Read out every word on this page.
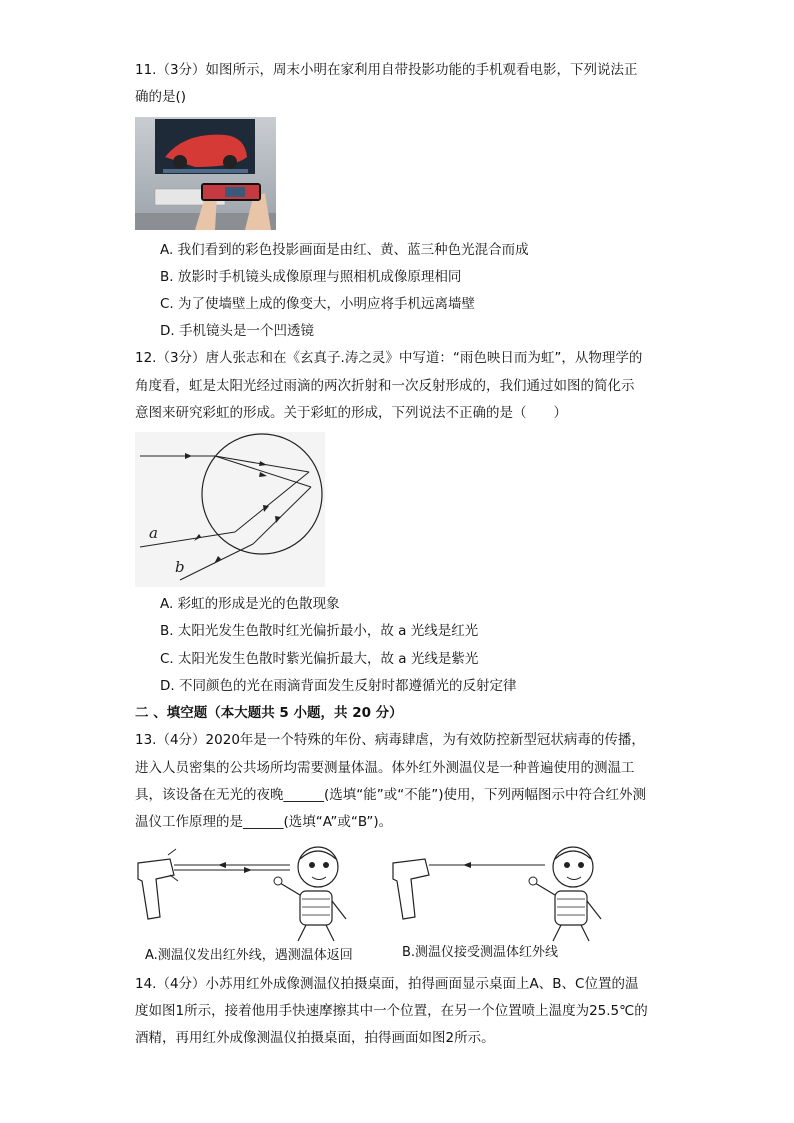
11.（3分）如图所示，周末小明在家利用自带投影功能的手机观看电影，下列说法正
确的是()
A. 我们看到的彩色投影画面是由红、黄、蓝三种色光混合而成
B. 放影时手机镜头成像原理与照相机成像原理相同
C. 为了使墙壁上成的像变大，小明应将手机远离墙壁
D. 手机镜头是一个凹透镜
12.（3分）唐人张志和在《玄真子.涛之灵》中写道：“雨色映日而为虹”，从物理学的
角度看，虹是太阳光经过雨滴的两次折射和一次反射形成的，我们通过如图的简化示
意图来研究彩虹的形成。关于彩虹的形成，下列说法不正确的是（　　）
a
b
A. 彩虹的形成是光的色散现象
B. 太阳光发生色散时红光偏折最小，故 a 光线是红光
C. 太阳光发生色散时紫光偏折最大，故 a 光线是紫光
D. 不同颜色的光在雨滴背面发生反射时都遵循光的反射定律
二 、填空题（本大题共 5 小题，共 20 分）
13.（4分）2020年是一个特殊的年份、病毒肆虐，为有效防控新型冠状病毒的传播，
进入人员密集的公共场所均需要测量体温。体外红外测温仪是一种普遍使用的测温工
具，该设备在无光的夜晚______(选填“能”或“不能”)使用，下列两幅图示中符合红外测
温仪工作原理的是______(选填“A”或“B”)。
A.测温仪发出红外线，遇测温体返回	B.测温仪接受测温体红外线
14.（4分）小苏用红外成像测温仪拍摄桌面，拍得画面显示桌面上A、B、C位置的温
度如图1所示，接着他用手快速摩擦其中一个位置，在另一个位置喷上温度为25.5℃的
酒精，再用红外成像测温仪拍摄桌面，拍得画面如图2所示。
